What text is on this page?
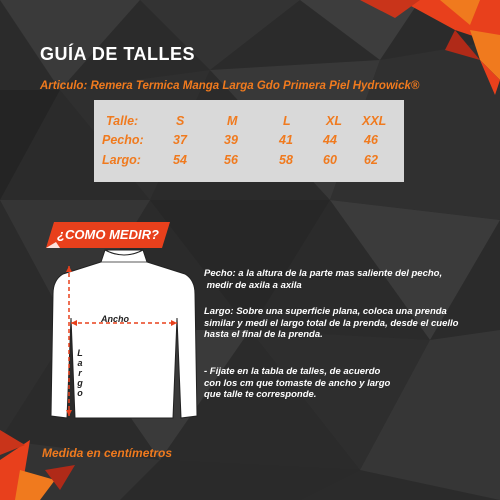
GUÍA DE TALLES
Articulo: Remera Termica Manga Larga Gdo Primera Piel Hydrowick®
Talle:	S	M	L	XL XXL
Pecho: 37	39	41 44 46
Largo:	54	56	58 60 62
¿COMO MEDIR?
Ancho
L
a
r
g
o

Pecho: a la altura de la parte mas saliente del pecho,

medir de axila a axila

Largo: Sobre una superficie plana, coloca una prenda

similar y medi el largo total de la prenda, desde el cuello

hasta el final de la prenda.

- Fijate en la tabla de talles, de acuerdo

con los cm que tomaste de ancho y largo

que talle te corresponde.

Medida en centímetros
